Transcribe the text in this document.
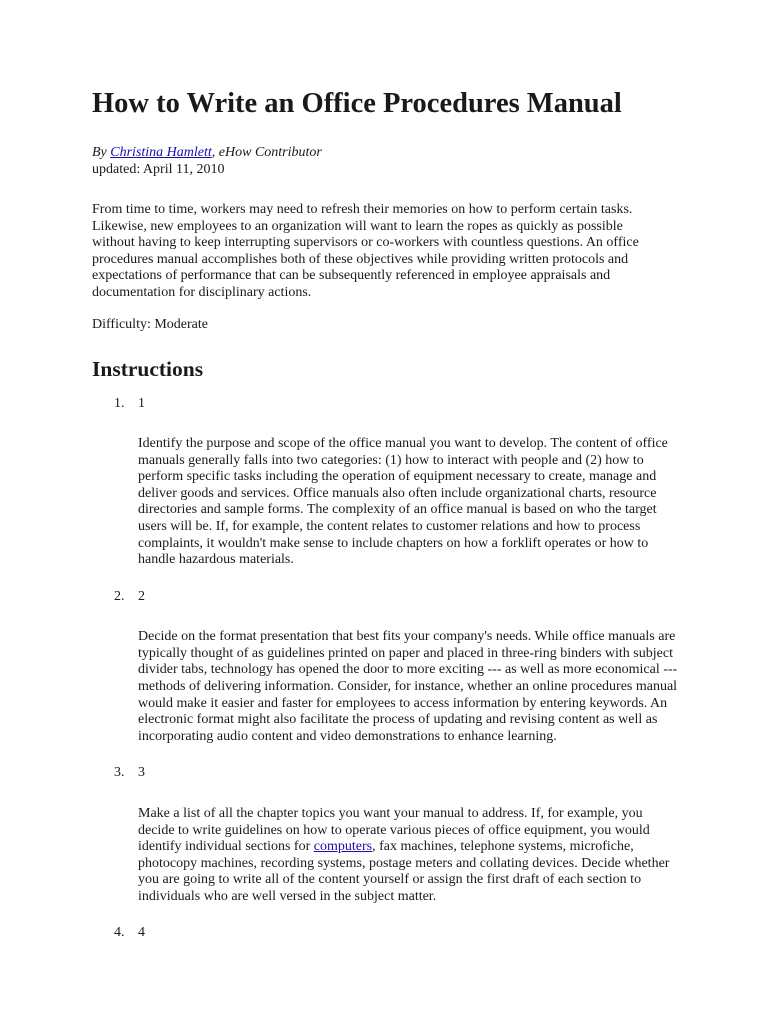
How to Write an Office Procedures Manual

By Christina Hamlett, eHow Contributor

updated: April 11, 2010

From time to time, workers may need to refresh their memories on how to perform certain tasks. Likewise, new employees to an organization will want to learn the ropes as quickly as possible without having to keep interrupting supervisors or co-workers with countless questions. An office procedures manual accomplishes both of these objectives while providing written protocols and expectations of performance that can be subsequently referenced in employee appraisals and documentation for disciplinary actions.

Difficulty: Moderate

Instructions
1. 1

Identify the purpose and scope of the office manual you want to develop. The content of office manuals generally falls into two categories: (1) how to interact with people and (2) how to perform specific tasks including the operation of equipment necessary to create, manage and deliver goods and services. Office manuals also often include organizational charts, resource directories and sample forms. The complexity of an office manual is based on who the target users will be. If, for example, the content relates to customer relations and how to process complaints, it wouldn't make sense to include chapters on how a forklift operates or how to handle hazardous materials.

2. 2

Decide on the format presentation that best fits your company's needs. While office manuals are typically thought of as guidelines printed on paper and placed in three-ring binders with subject divider tabs, technology has opened the door to more exciting --- as well as more economical --- methods of delivering information. Consider, for instance, whether an online procedures manual would make it easier and faster for employees to access information by entering keywords. An electronic format might also facilitate the process of updating and revising content as well as incorporating audio content and video demonstrations to enhance learning.

3. 3

Make a list of all the chapter topics you want your manual to address. If, for example, you decide to write guidelines on how to operate various pieces of office equipment, you would identify individual sections for computers, fax machines, telephone systems, microfiche, photocopy machines, recording systems, postage meters and collating devices. Decide whether you are going to write all of the content yourself or assign the first draft of each section to individuals who are well versed in the subject matter.

4. 4
